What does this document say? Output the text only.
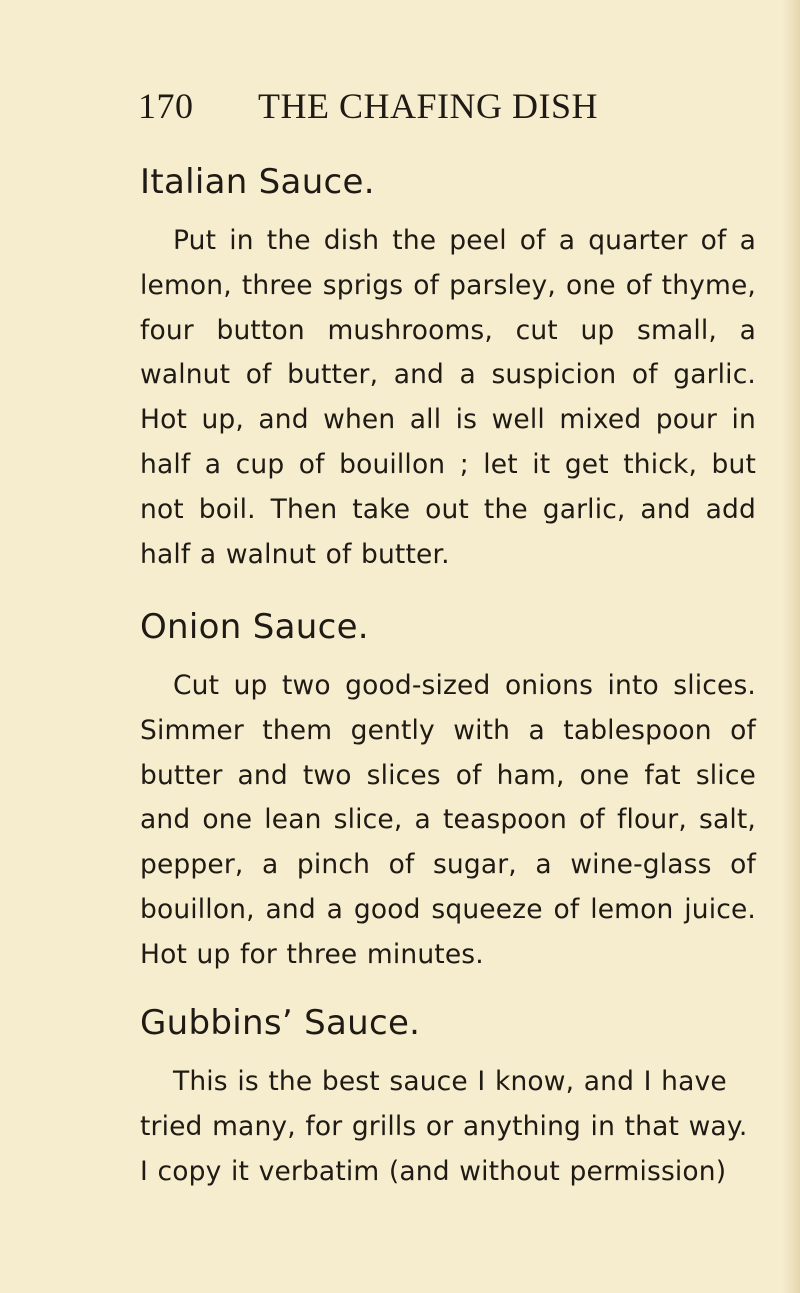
170 THE CHAFING DISH
Italian Sauce.

Put in the dish the peel of a quarter of a lemon, three sprigs of parsley, one of thyme, four button mushrooms, cut up small, a walnut of butter, and a suspicion of garlic. Hot up, and when all is well mixed pour in half a cup of bouillon ; let it get thick, but not boil. Then take out the garlic, and add half a walnut of butter.

Onion Sauce.

Cut up two good-sized onions into slices. Simmer them gently with a tablespoon of butter and two slices of ham, one fat slice and one lean slice, a teaspoon of flour, salt, pepper, a pinch of sugar, a wine-glass of bouillon, and a good squeeze of lemon juice. Hot up for three minutes.

Gubbins’ Sauce.

This is the best sauce I know, and I have tried many, for grills or anything in that way. I copy it verbatim (and without permission)
